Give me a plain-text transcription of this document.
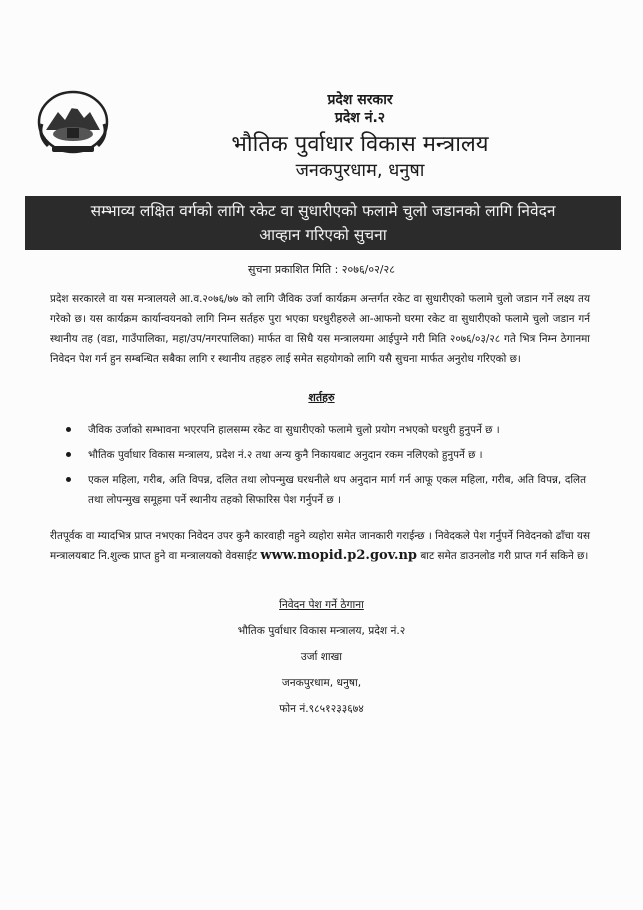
प्रदेश सरकार
प्रदेश नं.२
भौतिक पुर्वाधार विकास मन्त्रालय
जनकपुरधाम, धनुषा
सम्भाव्य लक्षित वर्गको लागि रकेट वा सुधारीएको फलामे चुलो जडानको लागि निवेदन
आव्हान गरिएको सुचना
सुचना प्रकाशित मिति : २०७६/०२/२८
प्रदेश सरकारले वा यस मन्त्रालयले आ.व.२०७६/७७ को लागि जैविक उर्जा कार्यक्रम अन्तर्गत रकेट वा सुधारीएको फलामे चुलो जडान गर्ने लक्ष्य तय गरेको छ। यस कार्यक्रम कार्यान्वयनको लागि निम्न सर्तहरु पुरा भएका घरधुरीहरुले आ-आफनो घरमा रकेट वा सुधारीएको फलामे चुलो जडान गर्न स्थानीय तह (वडा, गाउँपालिका, महा/उप/नगरपालिका) मार्फत वा सिधै यस मन्त्रालयमा आईपुग्ने गरी मिति २०७६/०३/२८ गते भित्र निम्न ठेगानमा निवेदन पेश गर्न हुन सम्बन्धित सबैका लागि र स्थानीय तहहरु लाई समेत सहयोगको लागि यसै सुचना मार्फत अनुरोध गरिएको छ।
शर्तहरु
जैविक उर्जाको सम्भावना भएरपनि हालसम्म रकेट वा सुधारीएको फलामे चुलो प्रयोग नभएको घरधुरी हुनुपर्ने छ ।
भौतिक पुर्वाधार विकास मन्त्रालय, प्रदेश नं.२ तथा अन्य कुनै निकायबाट अनुदान रकम नलिएको हुनुपर्ने छ ।
एकल महिला, गरीब, अति विपन्न, दलित तथा लोपन्मुख घरधनीले थप अनुदान मार्ग गर्न आफू एकल महिला, गरीब, अति विपन्न, दलित तथा लोपन्मुख समूहमा पर्ने स्थानीय तहको सिफारिस पेश गर्नुपर्ने छ ।
रीतपूर्वक वा म्यादभित्र प्राप्त नभएका निवेदन उपर कुनै कारवाही नहुने व्यहोरा समेत जानकारी गराईन्छ । निवेदकले पेश गर्नुपर्ने निवेदनको ढाँचा यस मन्त्रालयबाट नि.शुल्क प्राप्त हुने वा मन्त्रालयको वेवसाईट www.mopid.p2.gov.np बाट समेत डाउनलोड गरी प्राप्त गर्न सकिने छ।
निवेदन पेश गर्ने ठेगाना
भौतिक पुर्वाधार विकास मन्त्रालय, प्रदेश नं.२
उर्जा शाखा
जनकपुरधाम, धनुषा,
फोन नं.९८५१२३३६७४
